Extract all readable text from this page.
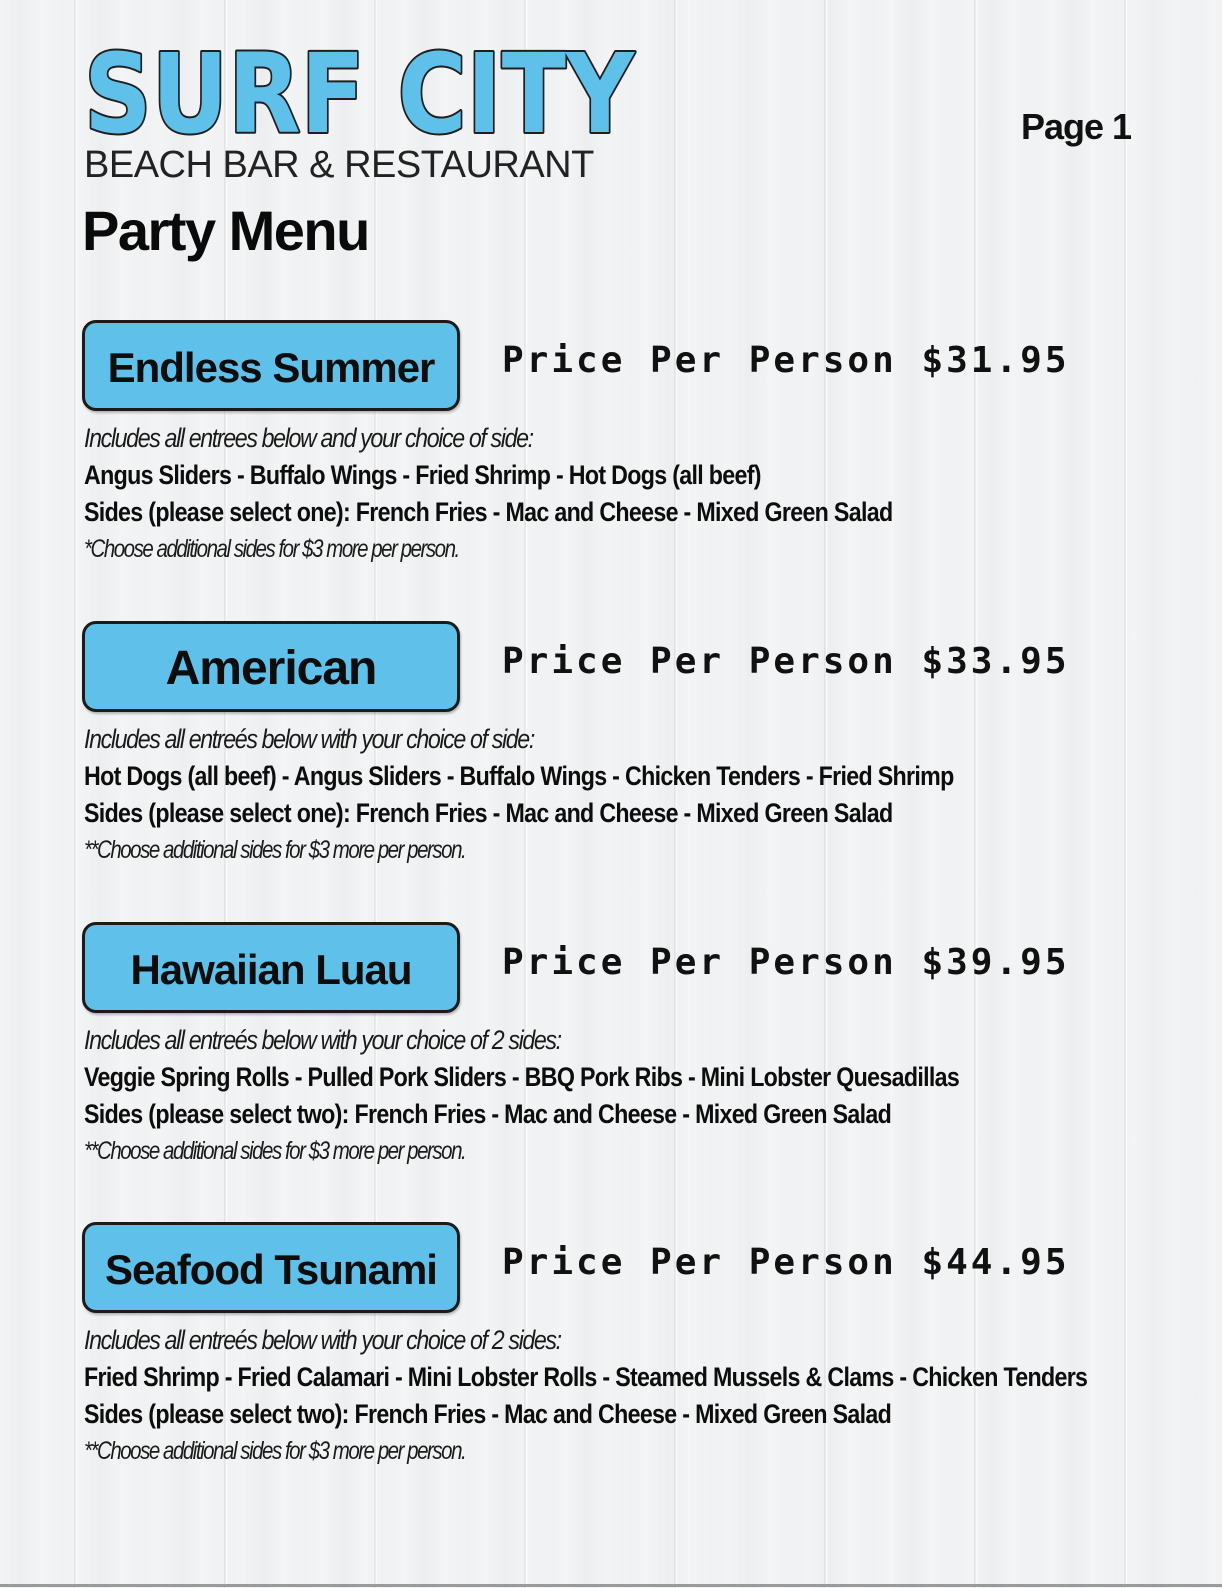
SURF CITY
BEACH BAR & RESTAURANT
Party Menu
Page 1
Endless Summer	Price Per Person $31.95
Includes all entrees below and your choice of side:
Angus Sliders - Buffalo Wings - Fried Shrimp - Hot Dogs (all beef)
Sides (please select one): French Fries - Mac and Cheese - Mixed Green Salad
*Choose additional sides for $3 more per person.
American	Price Per Person $33.95
Includes all entreés below with your choice of side:
Hot Dogs (all beef) - Angus Sliders - Buffalo Wings - Chicken Tenders - Fried Shrimp
Sides (please select one): French Fries - Mac and Cheese - Mixed Green Salad
**Choose additional sides for $3 more per person.
Hawaiian Luau	Price Per Person $39.95
Includes all entreés below with your choice of 2 sides:
Veggie Spring Rolls - Pulled Pork Sliders - BBQ Pork Ribs - Mini Lobster Quesadillas
Sides (please select two): French Fries - Mac and Cheese - Mixed Green Salad
**Choose additional sides for $3 more per person.
Seafood Tsunami	Price Per Person $44.95
Includes all entreés below with your choice of 2 sides:
Fried Shrimp - Fried Calamari - Mini Lobster Rolls - Steamed Mussels & Clams - Chicken Tenders
Sides (please select two): French Fries - Mac and Cheese - Mixed Green Salad
**Choose additional sides for $3 more per person.
